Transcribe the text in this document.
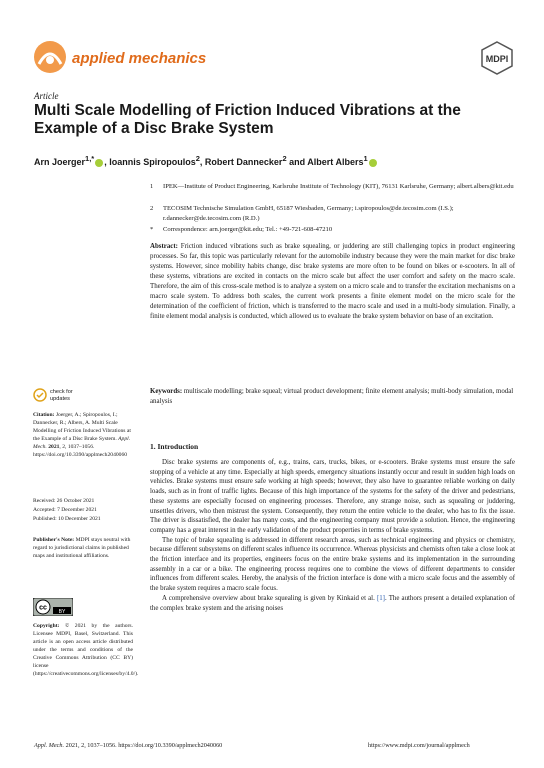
applied mechanics	MDPI
Article
Multi Scale Modelling of Friction Induced Vibrations at the Example of a Disc Brake System
Arn Joerger$^{1,*}$ , Ioannis Spiropoulos$^2$, Robert Dannecker$^2$ and Albert Albers$^1$
1 IPEK—Institute of Product Engineering, Karlsruhe Institute of Technology (KIT), 76131 Karlsruhe, Germany; albert.albers@kit.edu
2 TECOSIM Technische Simulation GmbH, 65187 Wiesbaden, Germany; i.spiropoulos@de.tecosim.com (I.S.); r.dannecker@de.tecosim.com (R.D.)
* Correspondence: arn.joerger@kit.edu; Tel.: +49-721-608-47210
Abstract: Friction induced vibrations such as brake squealing, or juddering are still challenging topics in product engineering processes. So far, this topic was particularly relevant for the automobile industry because they were the main market for disc brake systems. However, since mobility habits change, disc brake systems are more often to be found on bikes or e-scooters. In all of these systems, vibrations are excited in contacts on the micro scale but affect the user comfort and safety on the macro scale. Therefore, the aim of this cross-scale method is to analyze a system on a micro scale and to transfer the excitation mechanisms on a macro scale system. To address both scales, the current work presents a finite element model on the micro scale for the determination of the coefficient of friction, which is transferred to the macro scale and used in a multi-body simulation. Finally, a finite element modal analysis is conducted, which allowed us to evaluate the brake system behavior on base of an excitation.
Keywords: multiscale modelling; brake squeal; virtual product development; finite element analysis; multi-body simulation, modal analysis
check for updates
Citation: Joerger, A.; Spiropoulos, I.; Dannecker, R.; Albers, A. Multi Scale Modelling of Friction Induced Vibrations at the Example of a Disc Brake System. Appl. Mech. 2021, 2, 1037–1056. https://doi.org/10.3390/applmech2040060
Received: 26 October 2021
Accepted: 7 December 2021
Published: 10 December 2021
Publisher's Note: MDPI stays neutral with regard to jurisdictional claims in published maps and institutional affiliations.
cc
BY
Copyright: © 2021 by the authors. Licensee MDPI, Basel, Switzerland. This article is an open access article distributed under the terms and conditions of the Creative Commons Attribution (CC BY) license (https://creativecommons.org/licenses/by/4.0/).
1. Introduction

Disc brake systems are components of, e.g., trains, cars, trucks, bikes, or e-scooters. Brake systems must ensure the safe stopping of a vehicle at any time. Especially at high speeds, emergency situations instantly occur and result in sudden high loads on vehicles. Brake systems must ensure safe working at high speeds; however, they also have to guarantee reliable working on daily loads, such as in front of traffic lights. Because of this high importance of the systems for the safety of the driver and pedestrians, these systems are especially focused on engineering processes. Therefore, any strange noise, such as squealing or juddering, unsettles drivers, who then mistrust the system. Consequently, they return the entire vehicle to the dealer, who has to fix the issue. The driver is dissatisfied, the dealer has many costs, and the engineering company must provide a solution. Hence, the engineering company has a great interest in the early validation of the product properties in terms of brake systems.

The topic of brake squealing is addressed in different research areas, such as technical engineering and physics or chemistry, because different subsystems on different scales influence its occurrence. Whereas physicists and chemists often take a close look at the friction interface and its properties, engineers focus on the entire brake systems and its implementation in the surrounding assembly in a car or a bike. The engineering process requires one to combine the views of different departments to consider influences from different scales. Hereby, the analysis of the friction interface is done with a micro scale focus and the assembly of the brake system requires a macro scale focus.

A comprehensive overview about brake squealing is given by Kinkaid et al. [1]. The authors present a detailed explanation of the complex brake system and the arising noises

Appl. Mech. 2021, 2, 1037–1056. https://doi.org/10.3390/applmech2040060	https://www.mdpi.com/journal/applmech
